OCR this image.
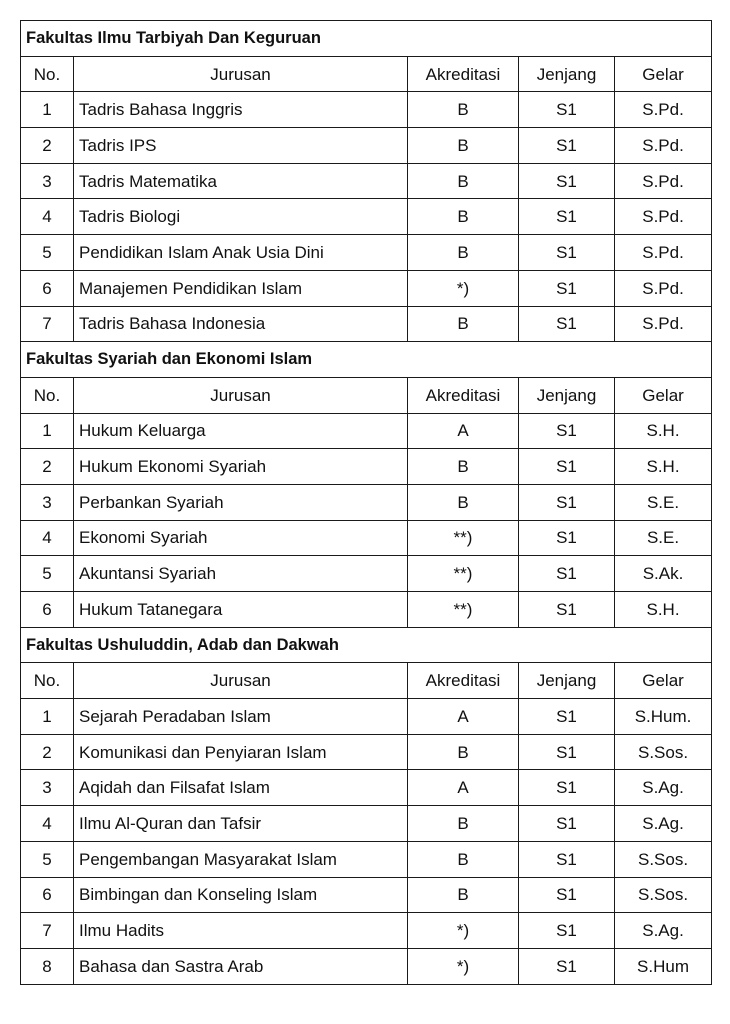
Fakultas Ilmu Tarbiyah Dan Keguruan				
No.	Jurusan	Akreditasi	Jenjang	Gelar
1	Tadris Bahasa Inggris	B	S1	S.Pd.
2	Tadris IPS	B	S1	S.Pd.
3	Tadris Matematika	B	S1	S.Pd.
4	Tadris Biologi	B	S1	S.Pd.
5	Pendidikan Islam Anak Usia Dini	B	S1	S.Pd.
6	Manajemen Pendidikan Islam	*)	S1	S.Pd.
7	Tadris Bahasa Indonesia	B	S1	S.Pd.
Fakultas Syariah dan Ekonomi Islam				
No.	Jurusan	Akreditasi	Jenjang	Gelar
1	Hukum Keluarga	A	S1	S.H.
2	Hukum Ekonomi Syariah	B	S1	S.H.
3	Perbankan Syariah	B	S1	S.E.
4	Ekonomi Syariah	**)	S1	S.E.
5	Akuntansi Syariah	**)	S1	S.Ak.
6	Hukum Tatanegara	**)	S1	S.H.
Fakultas Ushuluddin, Adab dan Dakwah				
No.	Jurusan	Akreditasi	Jenjang	Gelar
1	Sejarah Peradaban Islam	A	S1	S.Hum.
2	Komunikasi dan Penyiaran Islam	B	S1	S.Sos.
3	Aqidah dan Filsafat Islam	A	S1	S.Ag.
4	Ilmu Al-Quran dan Tafsir	B	S1	S.Ag.
5	Pengembangan Masyarakat Islam	B	S1	S.Sos.
6	Bimbingan dan Konseling Islam	B	S1	S.Sos.
7	Ilmu Hadits	*)	S1	S.Ag.
8	Bahasa dan Sastra Arab	*)	S1	S.Hum
